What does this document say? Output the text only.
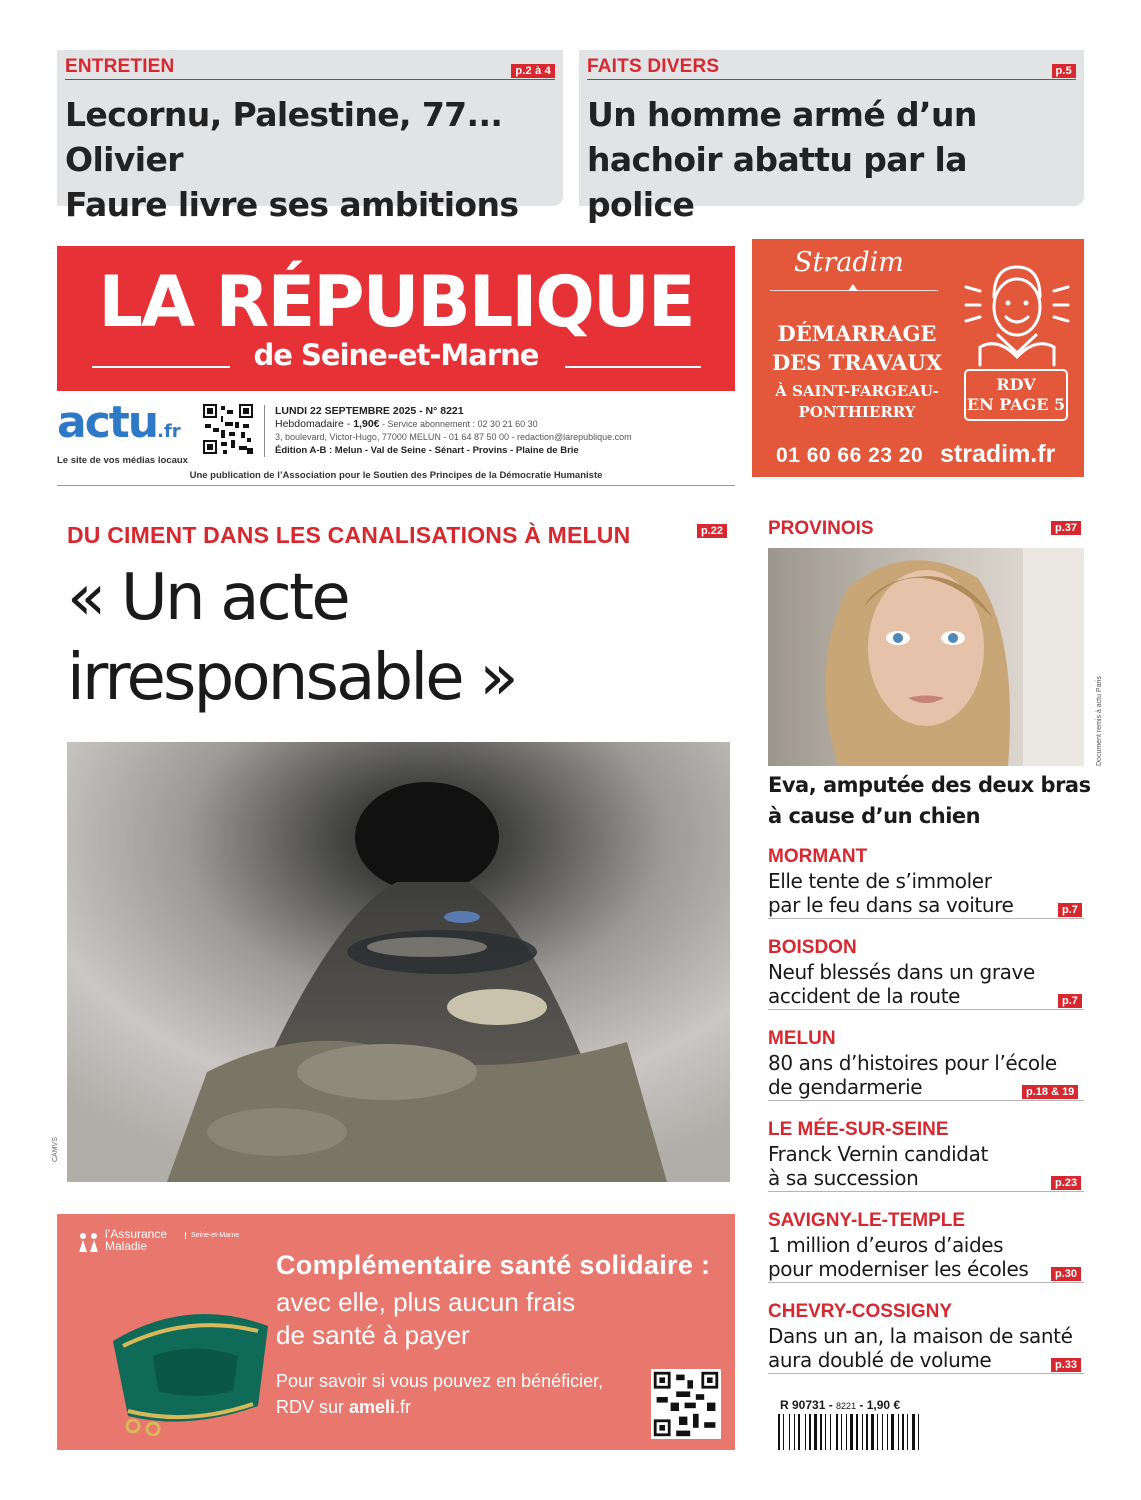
ENTRETIEN	p.2 à 4
Lecornu, Palestine, 77... Olivier
Faure livre ses ambitions
FAITS DIVERS	p.5
Un homme armé d’un
hachoir abattu par la police
LA RÉPUBLIQUE
de Seine-et-Marne
actu.fr
Le site de vos médias locaux
LUNDI 22 SEPTEMBRE 2025 - N° 8221
Hebdomadaire - 1,90€ - Service abonnement : 02 30 21 60 30
3, boulevard, Victor-Hugo, 77000 MELUN - 01 64 87 50 00 - redaction@larepublique.com
Édition A-B : Melun - Val de Seine - Sénart - Provins - Plaine de Brie
Une publication de l’Association pour le Soutien des Principes de la Démocratie Humaniste
Stradim
DÉMARRAGE
DES TRAVAUX
À SAINT-FARGEAU-
PONTHIERRY
RDV
EN PAGE 5
01 60 66 23 20 stradim.fr
DU CIMENT DANS LES CANALISATIONS À MELUN	p.22
« Un acte
irresponsable »
CAMVS
l’Assurance
Maladie
Seine-et-Marne
Complémentaire santé solidaire :
avec elle, plus aucun frais
de santé à payer
Pour savoir si vous pouvez en bénéficier,
RDV sur ameli.fr
PROVINOIS	p.37
Document remis à actu Paris
Eva, amputée des deux bras
à cause d’un chien
MORMANT
Elle tente de s’immoler
par le feu dans sa voiture	p.7
BOISDON
Neuf blessés dans un grave
accident de la route	p.7
MELUN
80 ans d’histoires pour l’école
de gendarmerie	p.18 & 19
LE MÉE-SUR-SEINE
Franck Vernin candidat
à sa succession	p.23
SAVIGNY-LE-TEMPLE
1 million d’euros d’aides
pour moderniser les écoles	p.30
CHEVRY-COSSIGNY
Dans un an, la maison de santé
aura doublé de volume	p.33
R 90731 - 8221 - 1,90 €
